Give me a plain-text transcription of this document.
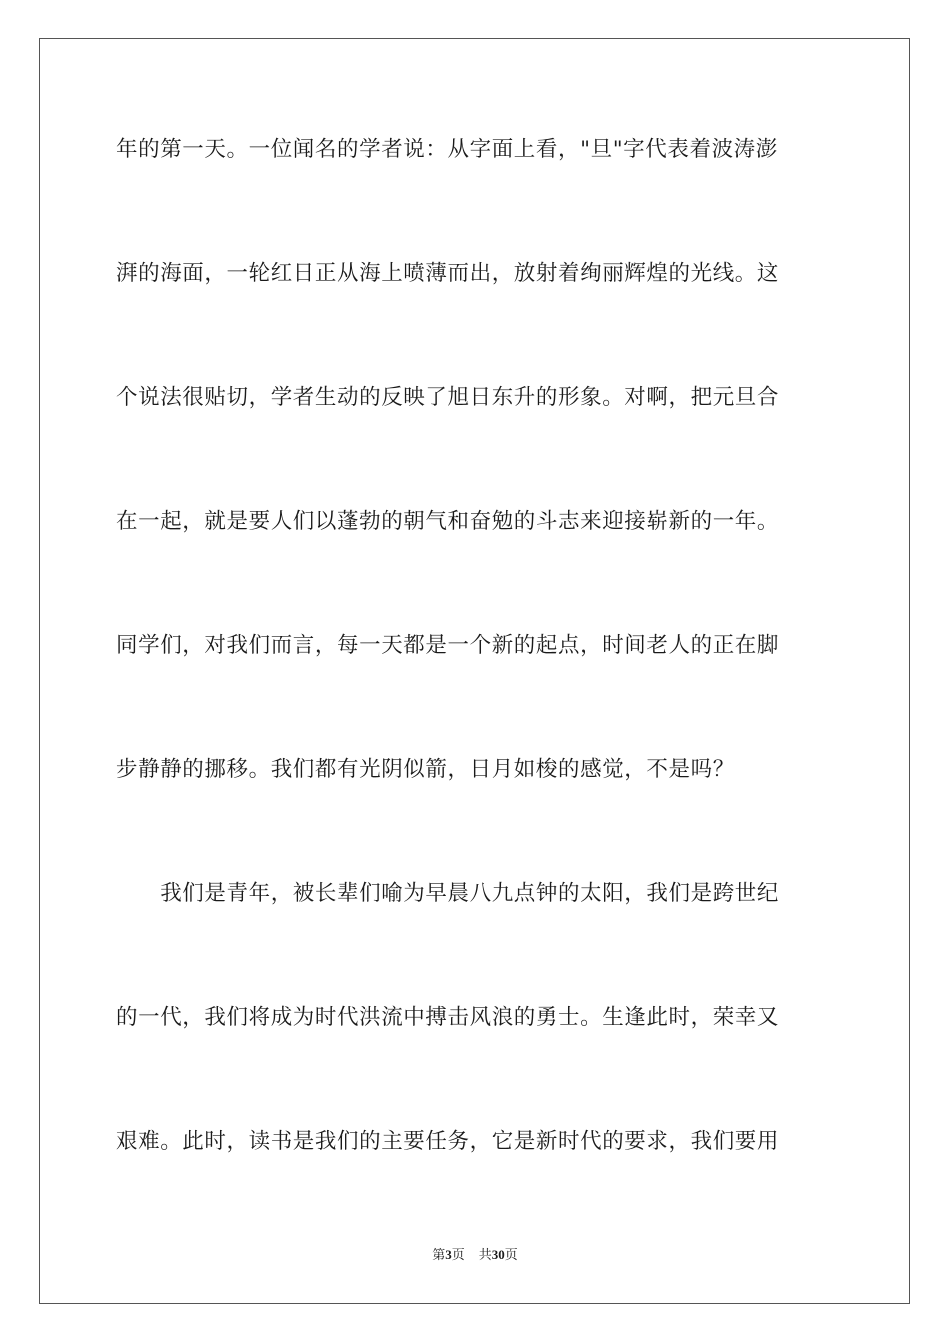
年的第一天。一位闻名的学者说：从字面上看，"旦"字代表着波涛澎
湃的海面，一轮红日正从海上喷薄而出，放射着绚丽辉煌的光线。这
个说法很贴切，学者生动的反映了旭日东升的形象。对啊，把元旦合
在一起，就是要人们以蓬勃的朝气和奋勉的斗志来迎接崭新的一年。
同学们，对我们而言，每一天都是一个新的起点，时间老人的正在脚
步静静的挪移。我们都有光阴似箭，日月如梭的感觉，不是吗？
　　我们是青年，被长辈们喻为早晨八九点钟的太阳，我们是跨世纪
的一代，我们将成为时代洪流中搏击风浪的勇士。生逢此时，荣幸又
艰难。此时，读书是我们的主要任务，它是新时代的要求，我们要用
第3页 共30页
